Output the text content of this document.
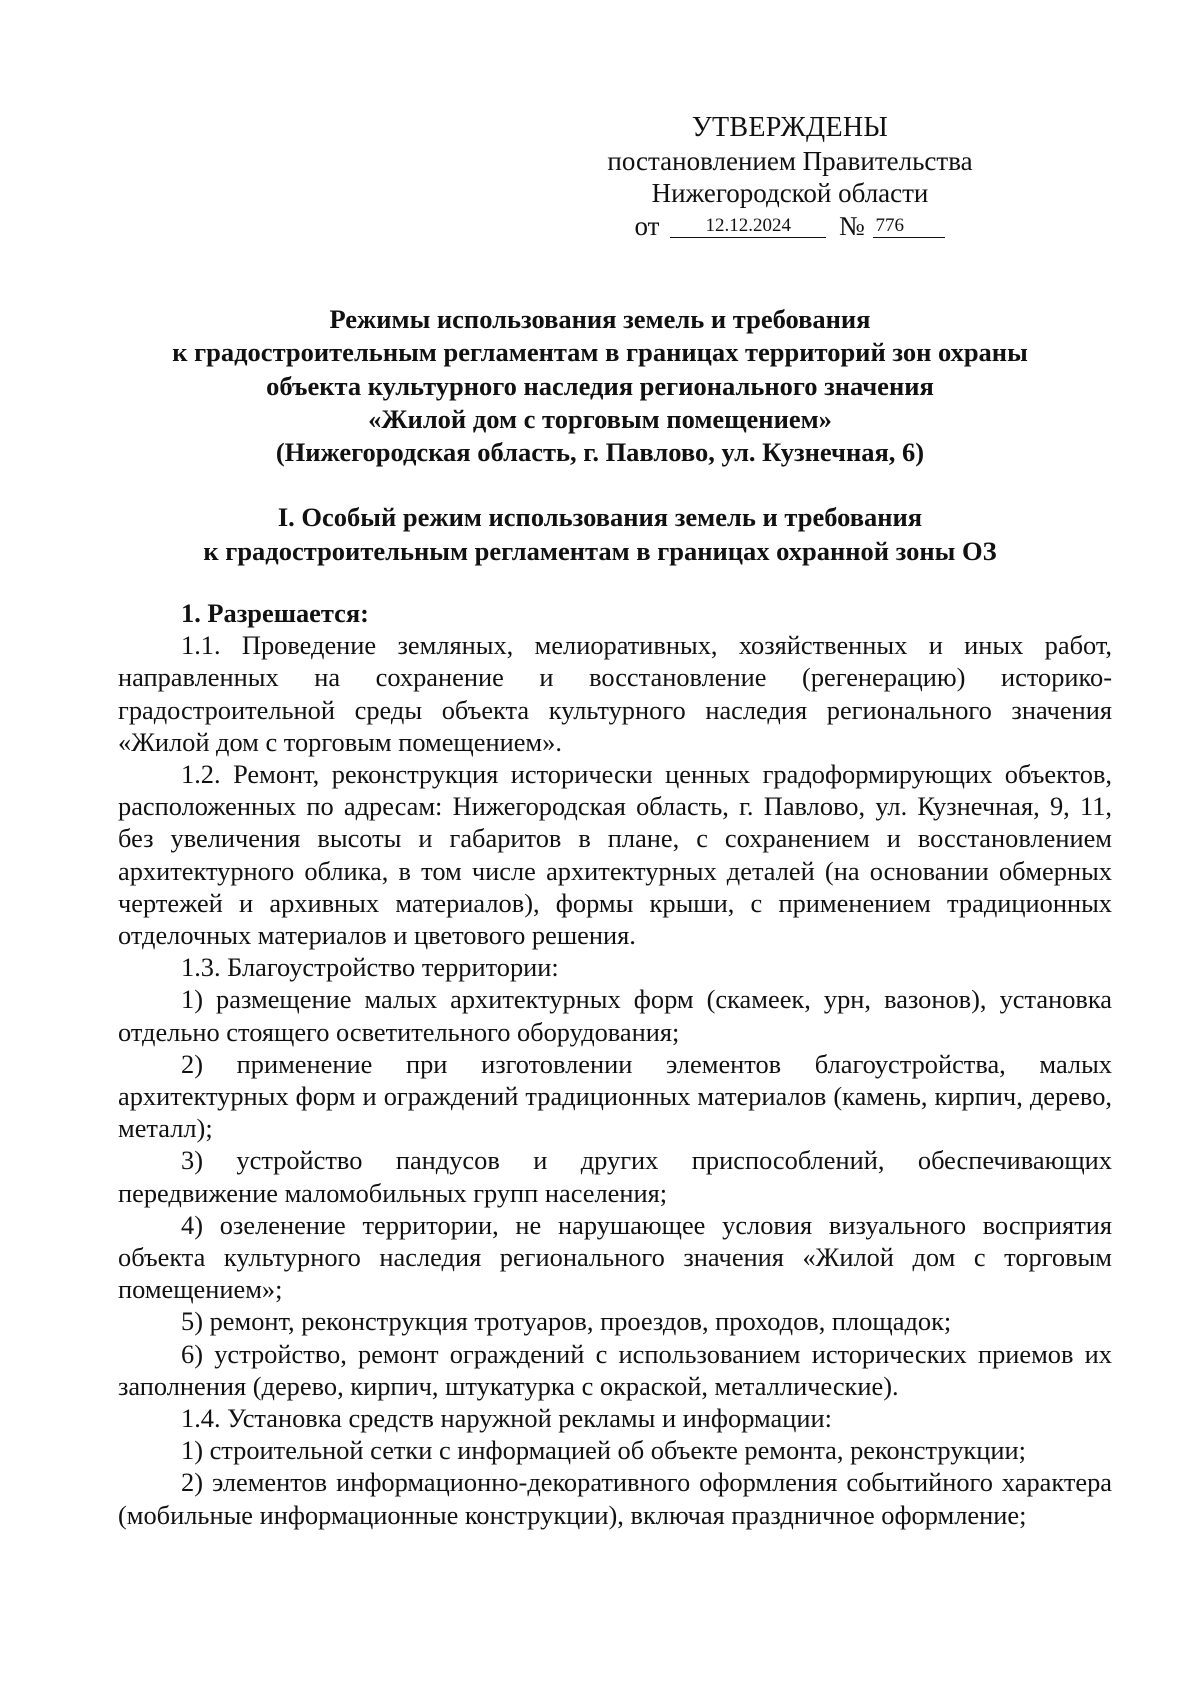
УТВЕРЖДЕНЫ
постановлением Правительства
Нижегородской области
от 12.12.2024 № 776
Режимы использования земель и требования
к градостроительным регламентам в границах территорий зон охраны
объекта культурного наследия регионального значения
«Жилой дом с торговым помещением»
(Нижегородская область, г. Павлово, ул. Кузнечная, 6)
I. Особый режим использования земель и требования
к градостроительным регламентам в границах охранной зоны ОЗ

1. Разрешается:

1.1. Проведение земляных, мелиоративных, хозяйственных и иных работ, направленных на сохранение и восстановление (регенерацию) историко-градостроительной среды объекта культурного наследия регионального значения «Жилой дом с торговым помещением».

1.2. Ремонт, реконструкция исторически ценных градоформирующих объектов, расположенных по адресам: Нижегородская область, г. Павлово, ул. Кузнечная, 9, 11, без увеличения высоты и габаритов в плане, с сохранением и восстановлением архитектурного облика, в том числе архитектурных деталей (на основании обмерных чертежей и архивных материалов), формы крыши, с применением традиционных отделочных материалов и цветового решения.

1.3. Благоустройство территории:

1) размещение малых архитектурных форм (скамеек, урн, вазонов), установка отдельно стоящего осветительного оборудования;

2) применение при изготовлении элементов благоустройства, малых архитектурных форм и ограждений традиционных материалов (камень, кирпич, дерево, металл);

3) устройство пандусов и других приспособлений, обеспечивающих передвижение маломобильных групп населения;

4) озеленение территории, не нарушающее условия визуального восприятия объекта культурного наследия регионального значения «Жилой дом с торговым помещением»;

5) ремонт, реконструкция тротуаров, проездов, проходов, площадок;

6) устройство, ремонт ограждений с использованием исторических приемов их заполнения (дерево, кирпич, штукатурка с окраской, металлические).

1.4. Установка средств наружной рекламы и информации:

1) строительной сетки с информацией об объекте ремонта, реконструкции;

2) элементов информационно-декоративного оформления событийного характера (мобильные информационные конструкции), включая праздничное оформление;
